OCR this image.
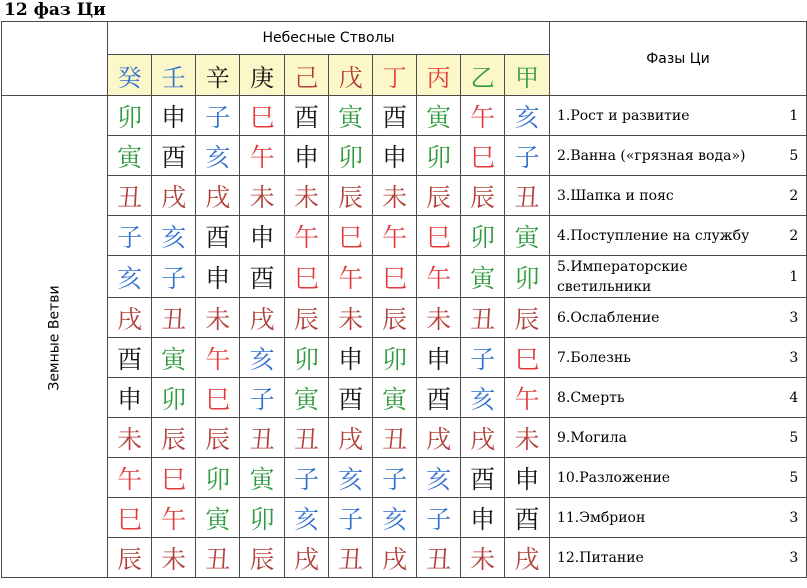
12 фаз Ци
	Небесные Стволы										Фазы Ци	
	癸	壬	辛	庚	己	戊	丁	丙	乙	甲		
Земные Ветви	卯	申	子	巳	酉	寅	酉	寅	午	亥	1.Рост и развитие	1
	寅	酉	亥	午	申	卯	申	卯	巳	子	2.Ванна («грязная вода»)	5
	丑	戌	戌	未	未	辰	未	辰	辰	丑	3.Шапка и пояс	2
	子	亥	酉	申	午	巳	午	巳	卯	寅	4.Поступление на службу	2
	亥	子	申	酉	巳	午	巳	午	寅	卯	5.Императорские светильники	1
	戌	丑	未	戌	辰	未	辰	未	丑	辰	6.Ослабление	3
	酉	寅	午	亥	卯	申	卯	申	子	巳	7.Болезнь	3
	申	卯	巳	子	寅	酉	寅	酉	亥	午	8.Смерть	4
	未	辰	辰	丑	丑	戌	丑	戌	戌	未	9.Могила	5
	午	巳	卯	寅	子	亥	子	亥	酉	申	10.Разложение	5
	巳	午	寅	卯	亥	子	亥	子	申	酉	11.Эмбрион	3
	辰	未	丑	辰	戌	丑	戌	丑	未	戌	12.Питание	3
